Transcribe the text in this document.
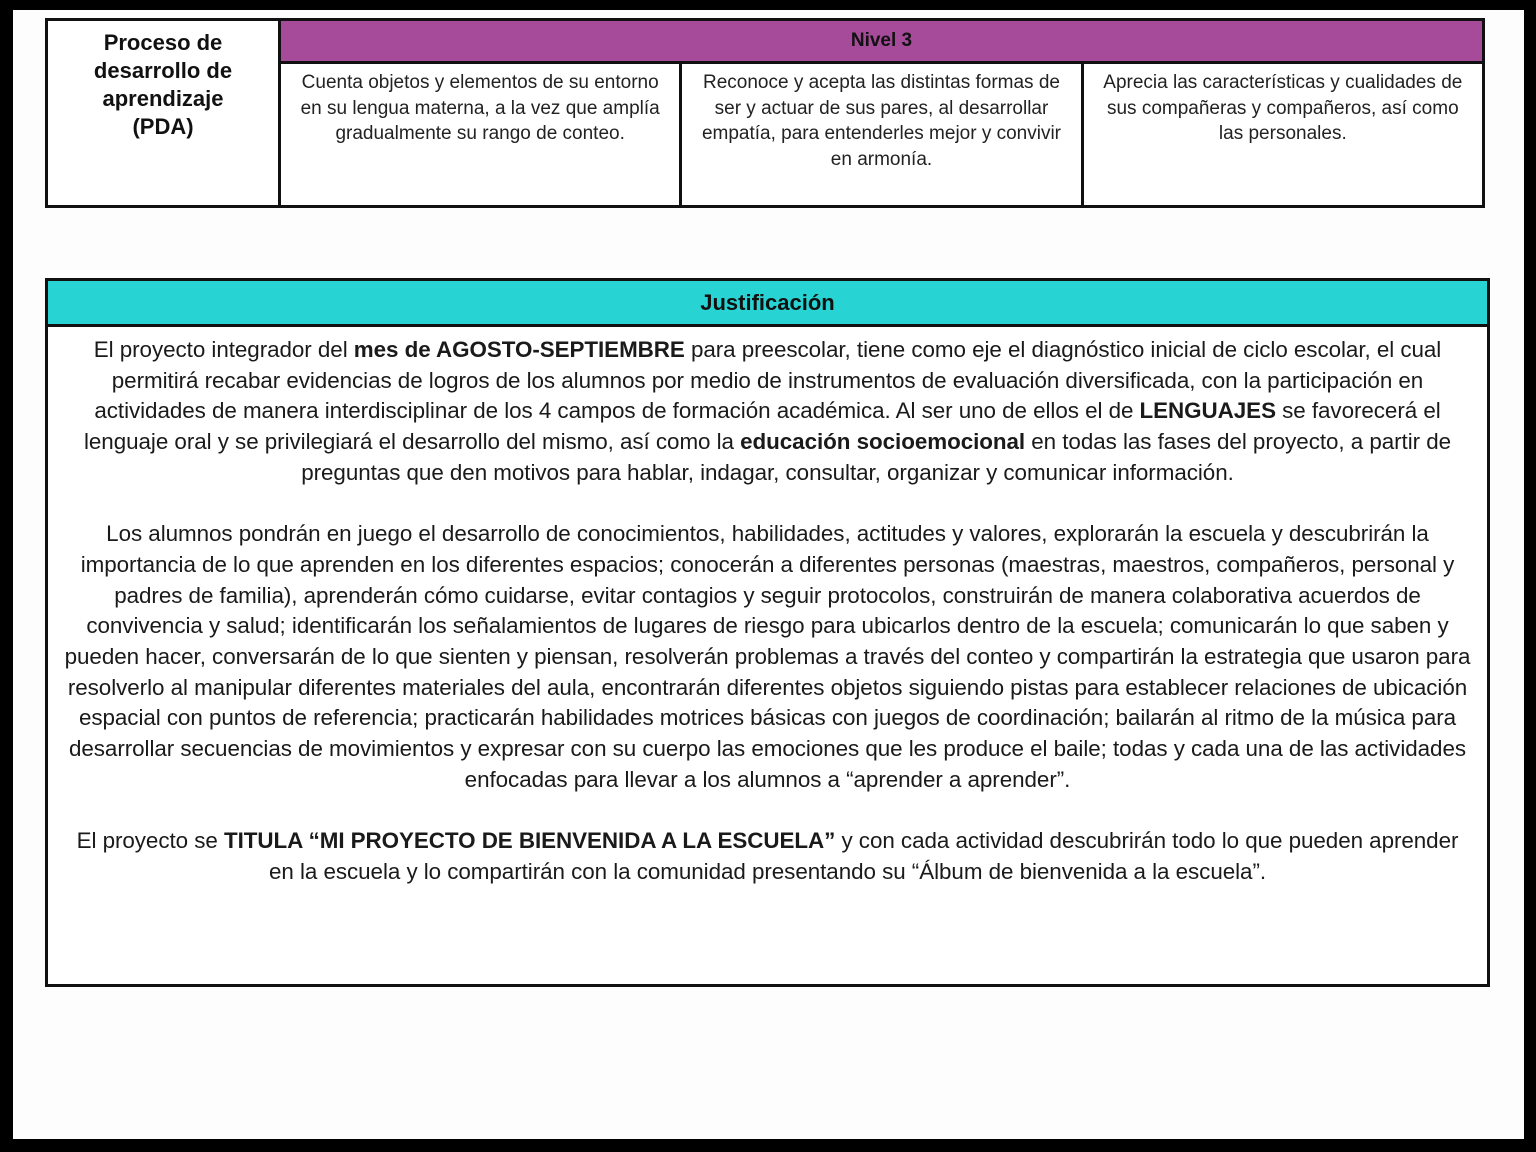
Proceso de
desarrollo de
aprendizaje
(PDA)
Nivel 3
Cuenta objetos y elementos de su entorno en su lengua materna, a la vez que amplía gradualmente su rango de conteo.
Reconoce y acepta las distintas formas de ser y actuar de sus pares, al desarrollar empatía, para entenderles mejor y convivir en armonía.
Aprecia las características y cualidades de sus compañeras y compañeros, así como las personales.
Justificación

El proyecto integrador del mes de AGOSTO-SEPTIEMBRE para preescolar, tiene como eje el diagnóstico inicial de ciclo escolar, el cual permitirá recabar evidencias de logros de los alumnos por medio de instrumentos de evaluación diversificada, con la participación en actividades de manera interdisciplinar de los 4 campos de formación académica. Al ser uno de ellos el de LENGUAJES se favorecerá el lenguaje oral y se privilegiará el desarrollo del mismo, así como la educación socioemocional en todas las fases del proyecto, a partir de preguntas que den motivos para hablar, indagar, consultar, organizar y comunicar información.

Los alumnos pondrán en juego el desarrollo de conocimientos, habilidades, actitudes y valores, explorarán la escuela y descubrirán la importancia de lo que aprenden en los diferentes espacios; conocerán a diferentes personas (maestras, maestros, compañeros, personal y padres de familia), aprenderán cómo cuidarse, evitar contagios y seguir protocolos, construirán de manera colaborativa acuerdos de convivencia y salud; identificarán los señalamientos de lugares de riesgo para ubicarlos dentro de la escuela; comunicarán lo que saben y pueden hacer, conversarán de lo que sienten y piensan, resolverán problemas a través del conteo y compartirán la estrategia que usaron para resolverlo al manipular diferentes materiales del aula, encontrarán diferentes objetos siguiendo pistas para establecer relaciones de ubicación espacial con puntos de referencia; practicarán habilidades motrices básicas con juegos de coordinación; bailarán al ritmo de la música para desarrollar secuencias de movimientos y expresar con su cuerpo las emociones que les produce el baile; todas y cada una de las actividades enfocadas para llevar a los alumnos a “aprender a aprender”.

El proyecto se TITULA “MI PROYECTO DE BIENVENIDA A LA ESCUELA” y con cada actividad descubrirán todo lo que pueden aprender en la escuela y lo compartirán con la comunidad presentando su “Álbum de bienvenida a la escuela”.
